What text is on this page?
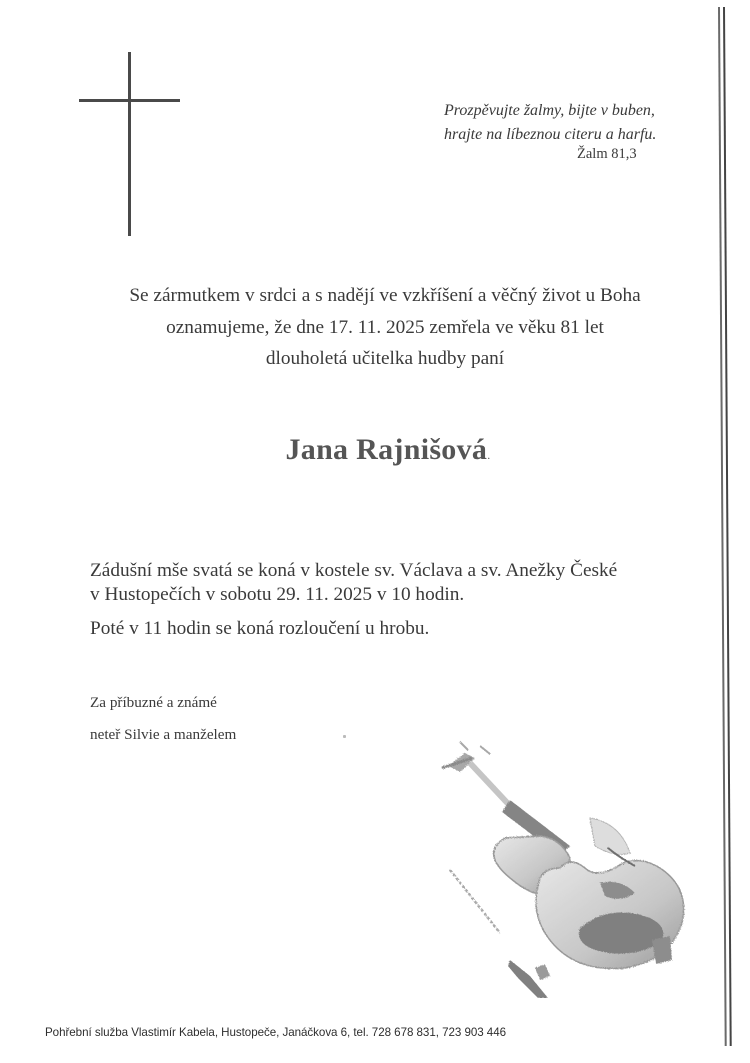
Prozpěvujte žalmy, bijte v buben,
hrajte na líbeznou citeru a harfu.
Žalm 81,3
Se zármutkem v srdci a s nadějí ve vzkříšení a věčný život u Boha
oznamujeme, že dne 17. 11. 2025 zemřela ve věku 81 let
dlouholetá učitelka hudby paní
Jana Rajnišová.
Zádušní mše svatá se koná v kostele sv. Václava a sv. Anežky České
v Hustopečích v sobotu 29. 11. 2025 v 10 hodin.
Poté v 11 hodin se koná rozloučení u hrobu.
Za příbuzné a známé
neteř Silvie a manželem
Pohřební služba Vlastimír Kabela, Hustopeče, Janáčkova 6, tel. 728 678 831, 723 903 446
